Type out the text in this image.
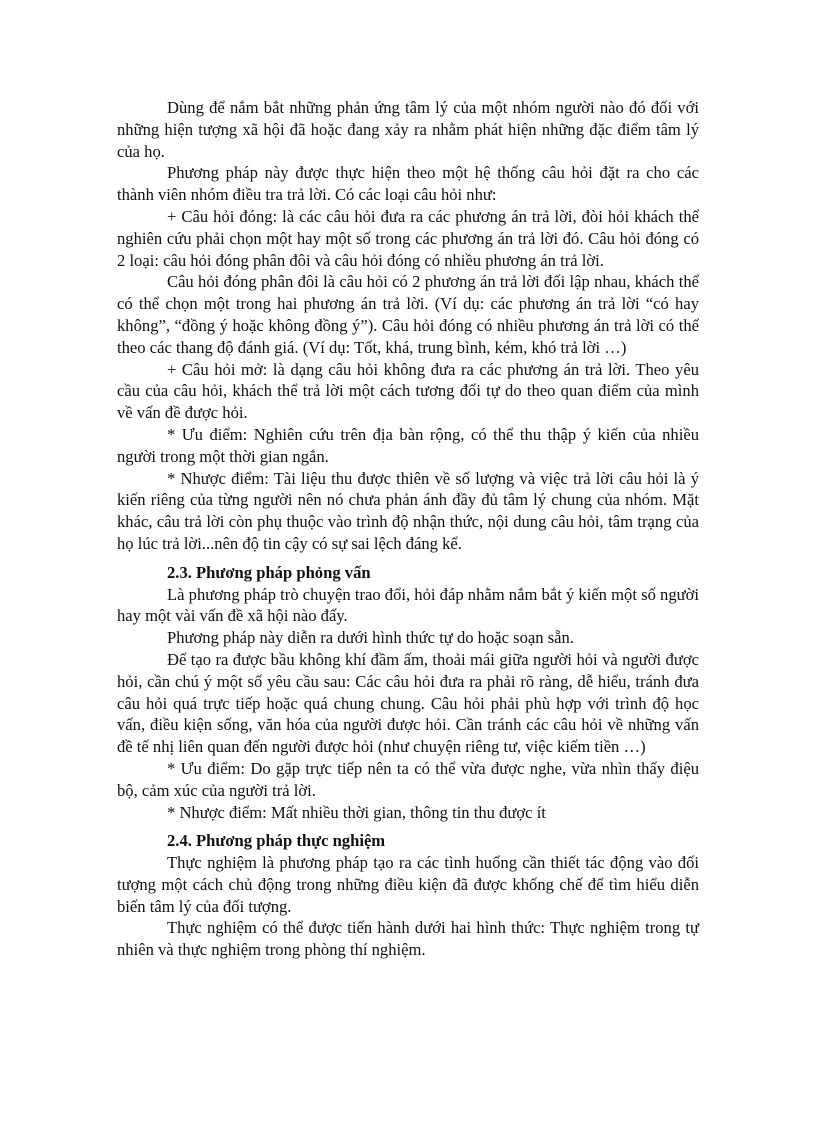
Dùng để nắm bắt những phản ứng tâm lý của một nhóm người nào đó đối với những hiện tượng xã hội đã hoặc đang xảy ra nhằm phát hiện những đặc điểm tâm lý của họ.

Phương pháp này được thực hiện theo một hệ thống câu hỏi đặt ra cho các thành viên nhóm điều tra trả lời. Có các loại câu hỏi như:

+ Câu hỏi đóng: là các câu hỏi đưa ra các phương án trả lời, đòi hỏi khách thể nghiên cứu phải chọn một hay một số trong các phương án trả lời đó. Câu hỏi đóng có 2 loại: câu hỏi đóng phân đôi và câu hỏi đóng có nhiều phương án trả lời.

Câu hỏi đóng phân đôi là câu hỏi có 2 phương án trả lời đối lập nhau, khách thể có thể chọn một trong hai phương án trả lời. (Ví dụ: các phương án trả lời “có hay không”, “đồng ý hoặc không đồng ý”). Câu hỏi đóng có nhiều phương án trả lời có thể theo các thang độ đánh giá. (Ví dụ: Tốt, khá, trung bình, kém, khó trả lời …)

+ Câu hỏi mở: là dạng câu hỏi không đưa ra các phương án trả lời. Theo yêu cầu của câu hỏi, khách thể trả lời một cách tương đối tự do theo quan điểm của mình về vấn đề được hỏi.

* Ưu điểm: Nghiên cứu trên địa bàn rộng, có thể thu thập ý kiến của nhiều người trong một thời gian ngắn.

* Nhược điểm: Tài liệu thu được thiên về số lượng và việc trả lời câu hỏi là ý kiến riêng của từng người nên nó chưa phản ánh đầy đủ tâm lý chung của nhóm. Mặt khác, câu trả lời còn phụ thuộc vào trình độ nhận thức, nội dung câu hỏi, tâm trạng của họ lúc trả lời...nên độ tin cậy có sự sai lệch đáng kể.

2.3. Phương pháp phỏng vấn

Là phương pháp trò chuyện trao đổi, hỏi đáp nhằm nắm bắt ý kiến một số người hay một vài vấn đề xã hội nào đấy.

Phương pháp này diễn ra dưới hình thức tự do hoặc soạn sẵn.

Để tạo ra được bầu không khí đầm ấm, thoải mái giữa người hỏi và người được hỏi, cần chú ý một số yêu cầu sau: Các câu hỏi đưa ra phải rõ ràng, dễ hiểu, tránh đưa câu hỏi quá trực tiếp hoặc quá chung chung. Câu hỏi phải phù hợp với trình độ học vấn, điều kiện sống, văn hóa của người được hỏi. Cần tránh các câu hỏi về những vấn đề tế nhị liên quan đến người được hỏi (như chuyện riêng tư, việc kiếm tiền …)

* Ưu điểm: Do gặp trực tiếp nên ta có thể vừa được nghe, vừa nhìn thấy điệu bộ, cảm xúc của người trả lời.

* Nhược điểm: Mất nhiều thời gian, thông tin thu được ít

2.4. Phương pháp thực nghiệm

Thực nghiệm là phương pháp tạo ra các tình huống cần thiết tác động vào đối tượng một cách chủ động trong những điều kiện đã được khống chế để tìm hiểu diễn biến tâm lý của đối tượng.

Thực nghiệm có thể được tiến hành dưới hai hình thức: Thực nghiệm trong tự nhiên và thực nghiệm trong phòng thí nghiệm.
